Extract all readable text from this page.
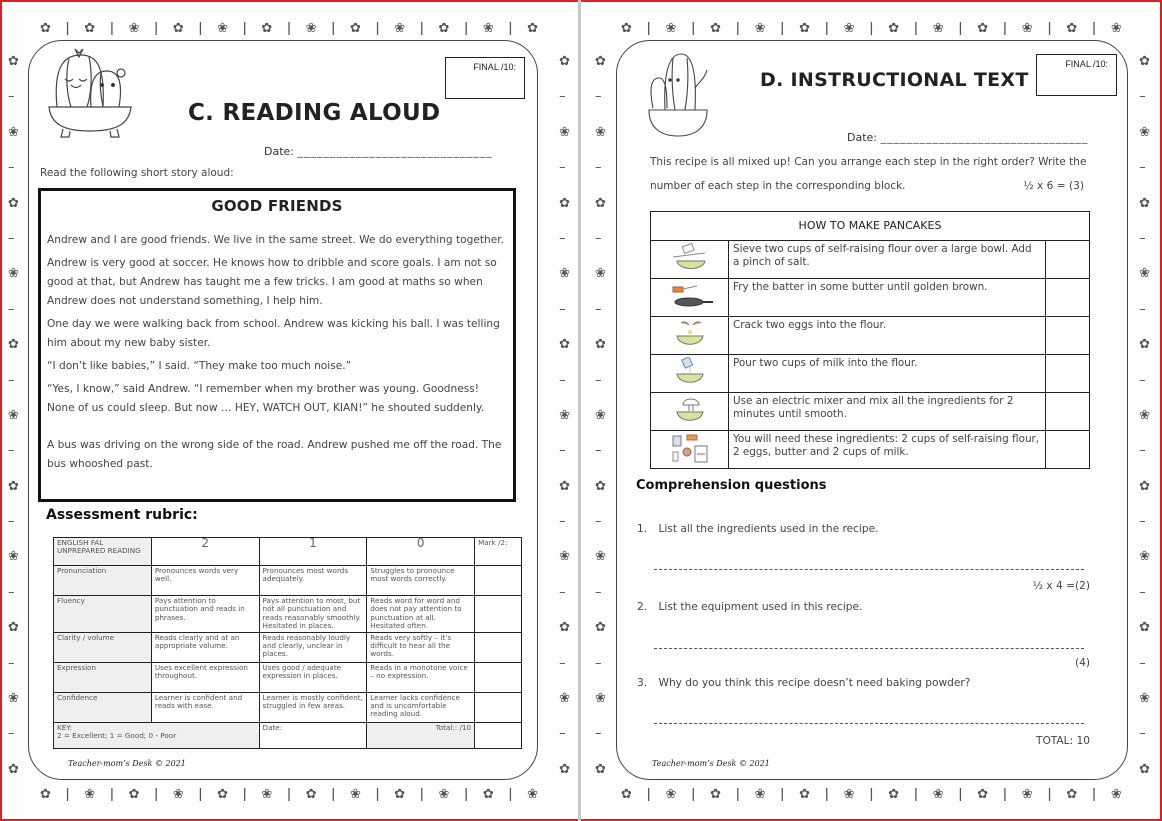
✿ ǀ ✿ ǀ ❀ ǀ ✿ ǀ ❀ ǀ ✿ ǀ ❀ ǀ ✿ ǀ ❀ ǀ ✿ ǀ ❀ ǀ ✿
✿ ǀ ❀ ǀ ✿ ǀ ❀ ǀ ✿ ǀ ❀ ǀ ✿ ǀ ❀ ǀ ✿ ǀ ❀ ǀ ✿ ǀ ❀
✿
–
❀
–
✿
–
❀
–
✿
–
❀
–
✿
–
❀
–
✿
–
❀
–
✿
✿
–
❀
–
✿
–
❀
–
✿
–
❀
–
✿
–
❀
–
✿
–
❀
–
✿
FINAL /10:
C. READING ALOUD
Date: ______________________________
Read the following short story aloud:
GOOD FRIENDS

Andrew and I are good friends. We live in the same street. We do everything together.

Andrew is very good at soccer. He knows how to dribble and score goals. I am not so good at that, but Andrew has taught me a few tricks. I am good at maths so when Andrew does not understand something, I help him.

One day we were walking back from school. Andrew was kicking his ball. I was telling him about my new baby sister.

“I don’t like babies,” I said. “They make too much noise.”

“Yes, I know,” said Andrew. “I remember when my brother was young. Goodness! None of us could sleep. But now … HEY, WATCH OUT, KIAN!” he shouted suddenly.

A bus was driving on the wrong side of the road. Andrew pushed me off the road. The bus whooshed past.

Assessment rubric:
ENGLISH FAL UNPREPARED READING	2	1	0	Mark /2:
Pronunciation	Pronounces words very well.	Pronounces most words adequately.	Struggles to pronounce most words correctly.	
Fluency	Pays attention to punctuation and reads in phrases.	Pays attention to most, but not all punctuation and reads reasonably smoothly. Hesitated in places.	Reads word for word and does not pay attention to punctuation at all. Hesitated often.	
Clarity / volume	Reads clearly and at an appropriate volume.	Reads reasonably loudly and clearly, unclear in places.	Reads very softly – it’s difficult to hear all the words.	
Expression	Uses excellent expression throughout.	Uses good / adequate expression in places.	Reads in a monotone voice – no expression.	
Confidence	Learner is confident and reads with ease.	Learner is mostly confident, struggled in few areas.	Learner lacks confidence and is uncomfortable reading aloud.	

KEY:
2 = Excellent; 1 = Good; 0 - Poor		Date:	Total:: /10	
Teacher-mom’s Desk © 2021
✿ ǀ ❀ ǀ ✿ ǀ ❀ ǀ ✿ ǀ ❀ ǀ ✿ ǀ ❀ ǀ ✿ ǀ ❀ ǀ ✿ ǀ ❀
✿ ǀ ❀ ǀ ✿ ǀ ❀ ǀ ✿ ǀ ❀ ǀ ✿ ǀ ❀ ǀ ✿ ǀ ❀ ǀ ✿ ǀ ❀
✿
–
❀
–
✿
–
❀
–
✿
–
❀
–
✿
–
❀
–
✿
–
❀
–
✿
✿
–
❀
–
✿
–
❀
–
✿
–
❀
–
✿
–
❀
–
✿
–
❀
–
✿
FINAL /10:
D. INSTRUCTIONAL TEXT
Date: ________________________________
This recipe is all mixed up! Can you arrange each step in the right order? Write the
number of each step in the corresponding block.	½ x 6 = (3)
HOW TO MAKE PANCAKES		
	Sieve two cups of self-raising flour over a large bowl. Add a pinch of salt.	
	Fry the batter in some butter until golden brown.	
	Crack two eggs into the flour.	
	Pour two cups of milk into the flour.	
	Use an electric mixer and mix all the ingredients for 2 minutes until smooth.	
	You will need these ingredients: 2 cups of self-raising flour, 2 eggs, butter and 2 cups of milk.	
Comprehension questions
1. List all the ingredients used in the recipe.
½ x 4 =(2)
2. List the equipment used in this recipe.
(4)
3. Why do you think this recipe doesn’t need baking powder?
TOTAL: 10
Teacher-mom’s Desk © 2021
